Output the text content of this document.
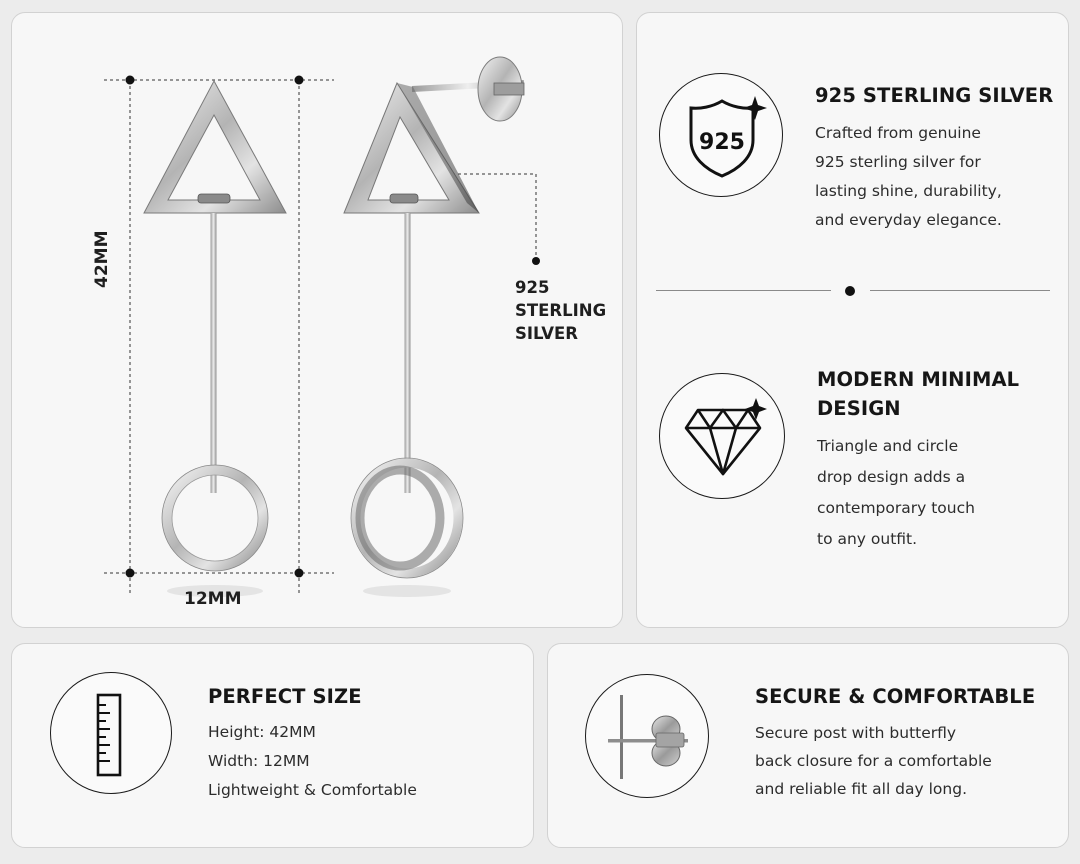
42MM
12MM
925
STERLING
SILVER
925
925 STERLING SILVER
Crafted from genuine
925 sterling silver for
lasting shine, durability,
and everyday elegance.
MODERN MINIMAL
DESIGN
Triangle and circle
drop design adds a
contemporary touch
to any outfit.
PERFECT SIZE
Height: 42MM
Width: 12MM
Lightweight & Comfortable
SECURE & COMFORTABLE
Secure post with butterfly
back closure for a comfortable
and reliable fit all day long.
